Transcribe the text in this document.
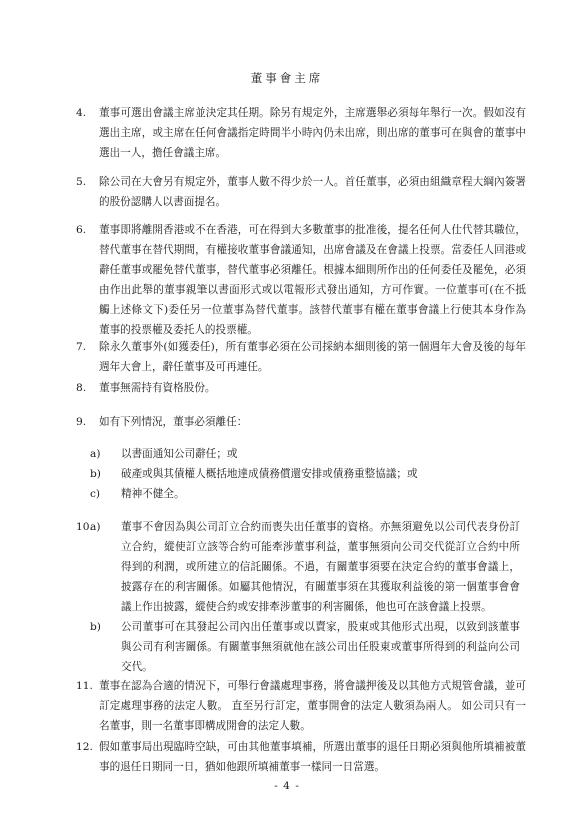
董事會主席
4. 董事可選出會議主席並決定其任期。除另有規定外，主席選舉必須每年舉行一次。假如沒有選出主席，或主席在任何會議指定時間半小時內仍未出席，則出席的董事可在與會的董事中選出一人，擔任會議主席。
5. 除公司在大會另有規定外，董事人數不得少於一人。首任董事，必須由組織章程大綱內簽署的股份認購人以書面提名。
6. 董事即將離開香港或不在香港，可在得到大多數董事的批准後，提名任何人仕代替其職位，替代董事在替代期間，有權接收董事會議通知，出席會議及在會議上投票。當委任人回港或辭任董事或罷免替代董事，替代董事必須離任。根據本細則所作出的任何委任及罷免，必須由作出此舉的董事親筆以書面形式或以電報形式發出通知，方可作實。一位董事可(在不抵觸上述條文下)委任另一位董事為替代董事。該替代董事有權在董事會議上行使其本身作為董事的投票權及委托人的投票權。
7. 除永久董事外(如獲委任)，所有董事必須在公司採納本細則後的第一個週年大會及後的每年週年大會上，辭任董事及可再連任。
8. 董事無需持有資格股份。
9. 如有下列情況，董事必須離任：
a) 以書面通知公司辭任；或
b) 破產或與其債權人概括地達成債務償還安排或債務重整協議；或
c) 精神不健全。
10.
a) 董事不會因為與公司訂立合約而喪失出任董事的資格。亦無須避免以公司代表身份訂立合約，縱使訂立該等合約可能牽涉董事利益，董事無須向公司交代從訂立合約中所得到的利潤，或所建立的信託關係。不過，有關董事須要在決定合約的董事會議上，披露存在的利害關係。如屬其他情況，有關董事須在其獲取利益後的第一個董事會會議上作出披露，縱使合約或安排牽涉董事的利害關係，他也可在該會議上投票。
b) 公司董事可在其發起公司內出任董事或以賣家，股東或其他形式出現，以致到該董事與公司有利害關係。有關董事無須就他在該公司出任股東或董事所得到的利益向公司交代。
11. 董事在認為合適的情況下，可舉行會議處理事務，將會議押後及以其他方式規管會議，並可訂定處理事務的法定人數。 直至另行訂定，董事開會的法定人數須為兩人。 如公司只有一名董事，則一名董事即構成開會的法定人數。
12. 假如董事局出現臨時空缺，可由其他董事填補，所選出董事的退任日期必須與他所填補被董事的退任日期同一日，猶如他跟所填補董事一樣同一日當選。
- 4 -
